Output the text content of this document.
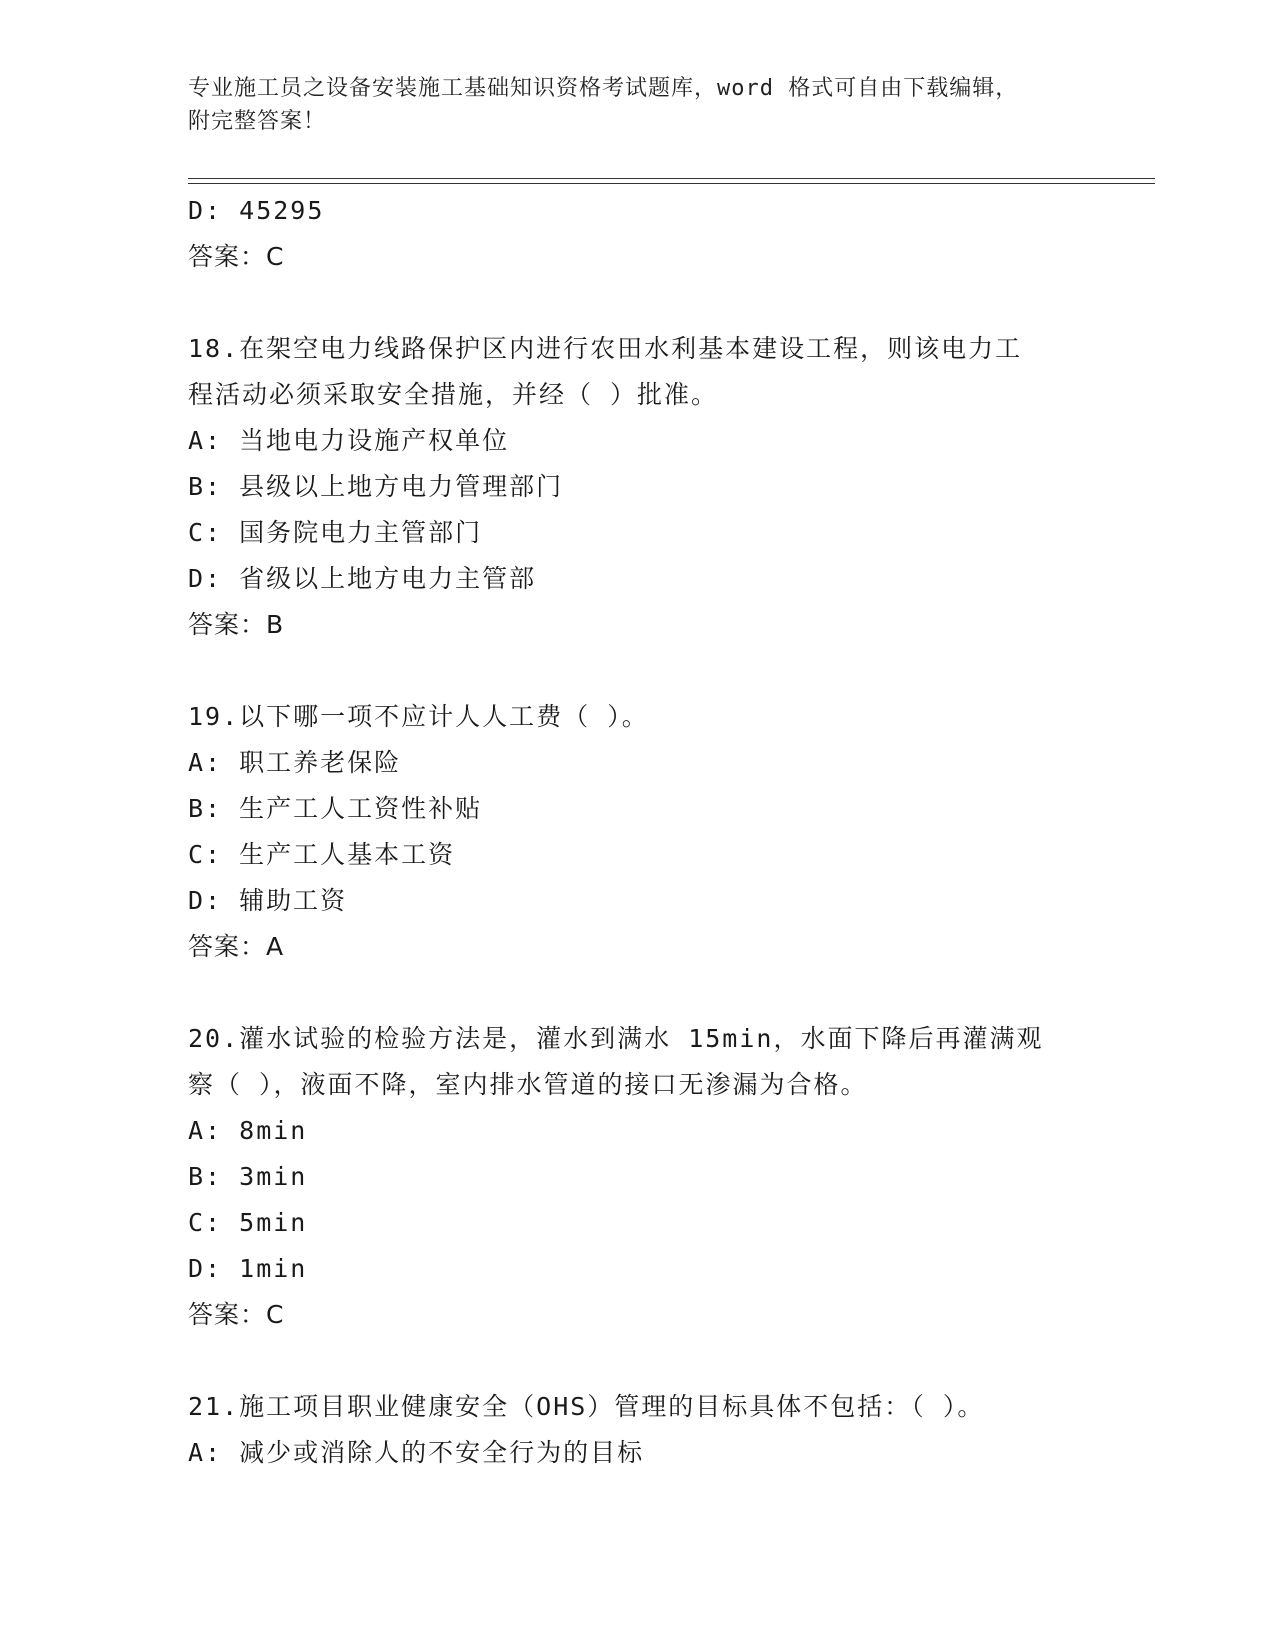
专业施工员之设备安装施工基础知识资格考试题库，word 格式可自由下载编辑，
附完整答案！
D: 45295
答案：C
18.在架空电力线路保护区内进行农田水利基本建设工程，则该电力工
程活动必须采取安全措施，并经（ ）批准。
A: 当地电力设施产权单位
B: 县级以上地方电力管理部门
C: 国务院电力主管部门
D: 省级以上地方电力主管部
答案：B
19.以下哪一项不应计人人工费（ ）。
A: 职工养老保险
B: 生产工人工资性补贴
C: 生产工人基本工资
D: 辅助工资
答案：A
20.灌水试验的检验方法是，灌水到满水 15min，水面下降后再灌满观
察（ ），液面不降，室内排水管道的接口无渗漏为合格。
A: 8min
B: 3min
C: 5min
D: 1min
答案：C
21.施工项目职业健康安全（OHS）管理的目标具体不包括：（ ）。
A: 减少或消除人的不安全行为的目标
